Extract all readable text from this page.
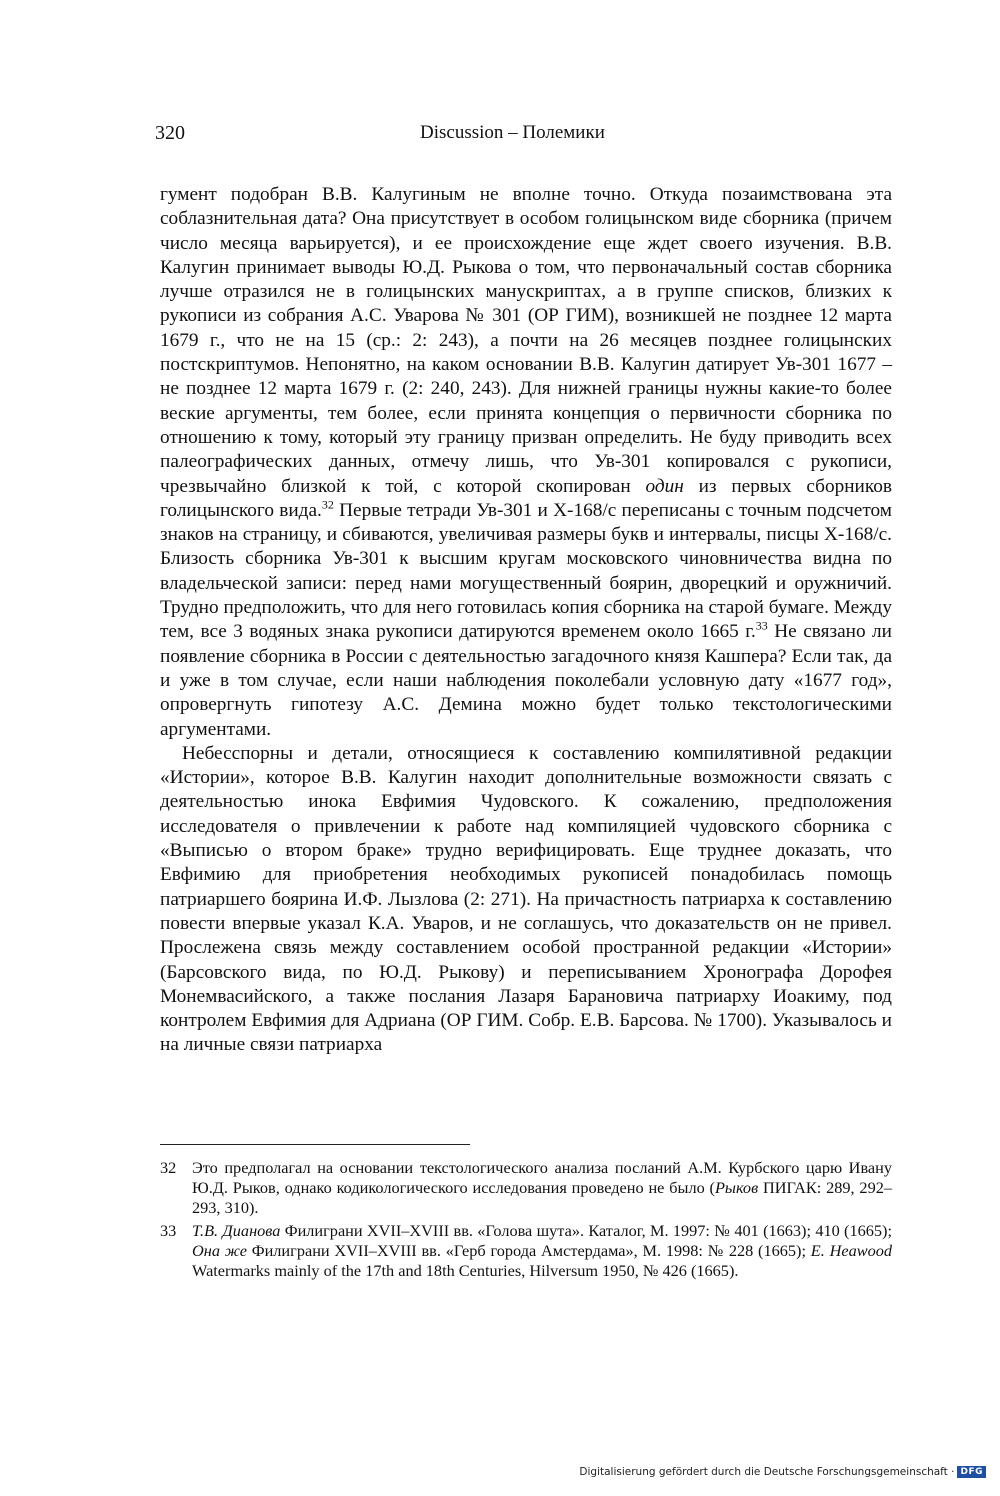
320	Discussion – Полемики

гумент подобран В.В. Калугиным не вполне точно. Откуда позаимствована эта соблазнительная дата? Она присутствует в особом голицынском виде сборника (причем число месяца варьируется), и ее происхождение еще ждет своего изучения. В.В. Калугин принимает выводы Ю.Д. Рыкова о том, что первоначальный состав сборника лучше отразился не в голицынских манускриптах, а в группе списков, близких к рукописи из собрания А.С. Уварова № 301 (ОР ГИМ), возникшей не позднее 12 марта 1679 г., что не на 15 (ср.: 2: 243), а почти на 26 месяцев позднее голицынских постскриптумов. Непонятно, на каком основании В.В. Калугин датирует Ув-301 1677 – не позднее 12 марта 1679 г. (2: 240, 243). Для нижней границы нужны какие-то более веские аргументы, тем более, если принята концепция о первичности сборника по отношению к тому, который эту границу призван определить. Не буду приводить всех палеографических данных, отмечу лишь, что Ув-301 копировался с рукописи, чрезвычайно близкой к той, с которой скопирован один из первых сборников голицынского вида.$^{32}$ Первые тетради Ув-301 и Х-168/с переписаны с точным подсчетом знаков на страницу, и сбиваются, увеличивая размеры букв и интервалы, писцы Х-168/с. Близость сборника Ув-301 к высшим кругам московского чиновничества видна по владельческой записи: перед нами могущественный боярин, дворецкий и оружничий. Трудно предположить, что для него готовилась копия сборника на старой бумаге. Между тем, все 3 водяных знака рукописи датируются временем около 1665 г.$^{33}$ Не связано ли появление сборника в России с деятельностью загадочного князя Кашпера? Если так, да и уже в том случае, если наши наблюдения поколебали условную дату «1677 год», опровергнуть гипотезу А.С. Демина можно будет только текстологическими аргументами.

Небесспорны и детали, относящиеся к составлению компилятивной редакции «Истории», которое В.В. Калугин находит дополнительные возможности связать с деятельностью инока Евфимия Чудовского. К сожалению, предположения исследователя о привлечении к работе над компиляцией чудовского сборника с «Выписью о втором браке» трудно верифицировать. Еще труднее доказать, что Евфимию для приобретения необходимых рукописей понадобилась помощь патриаршего боярина И.Ф. Лызлова (2: 271). На причастность патриарха к составлению повести впервые указал К.А. Уваров, и не соглашусь, что доказательств он не привел. Прослежена связь между составлением особой пространной редакции «Истории» (Барсовского вида, по Ю.Д. Рыкову) и переписыванием Хронографа Дорофея Монемвасийского, а также послания Лазаря Барановича патриарху Иоакиму, под контролем Евфимия для Адриана (ОР ГИМ. Собр. Е.В. Барсова. № 1700). Указывалось и на личные связи патриарха

32 Это предполагал на основании текстологического анализа посланий А.М. Курбского царю Ивану Ю.Д. Рыков, однако кодикологического исследования проведено не было (Рыков ПИГАК: 289, 292–293, 310).

33 Т.В. Дианова Филиграни XVII–XVIII вв. «Голова шута». Каталог, М. 1997: № 401 (1663); 410 (1665); Она же Филиграни XVII–XVIII вв. «Герб города Амстердама», М. 1998: № 228 (1665); E. Heawood Watermarks mainly of the 17th and 18th Centuries, Hilversum 1950, № 426 (1665).

Digitalisierung gefördert durch die Deutsche Forschungsgemeinschaft · DFG
